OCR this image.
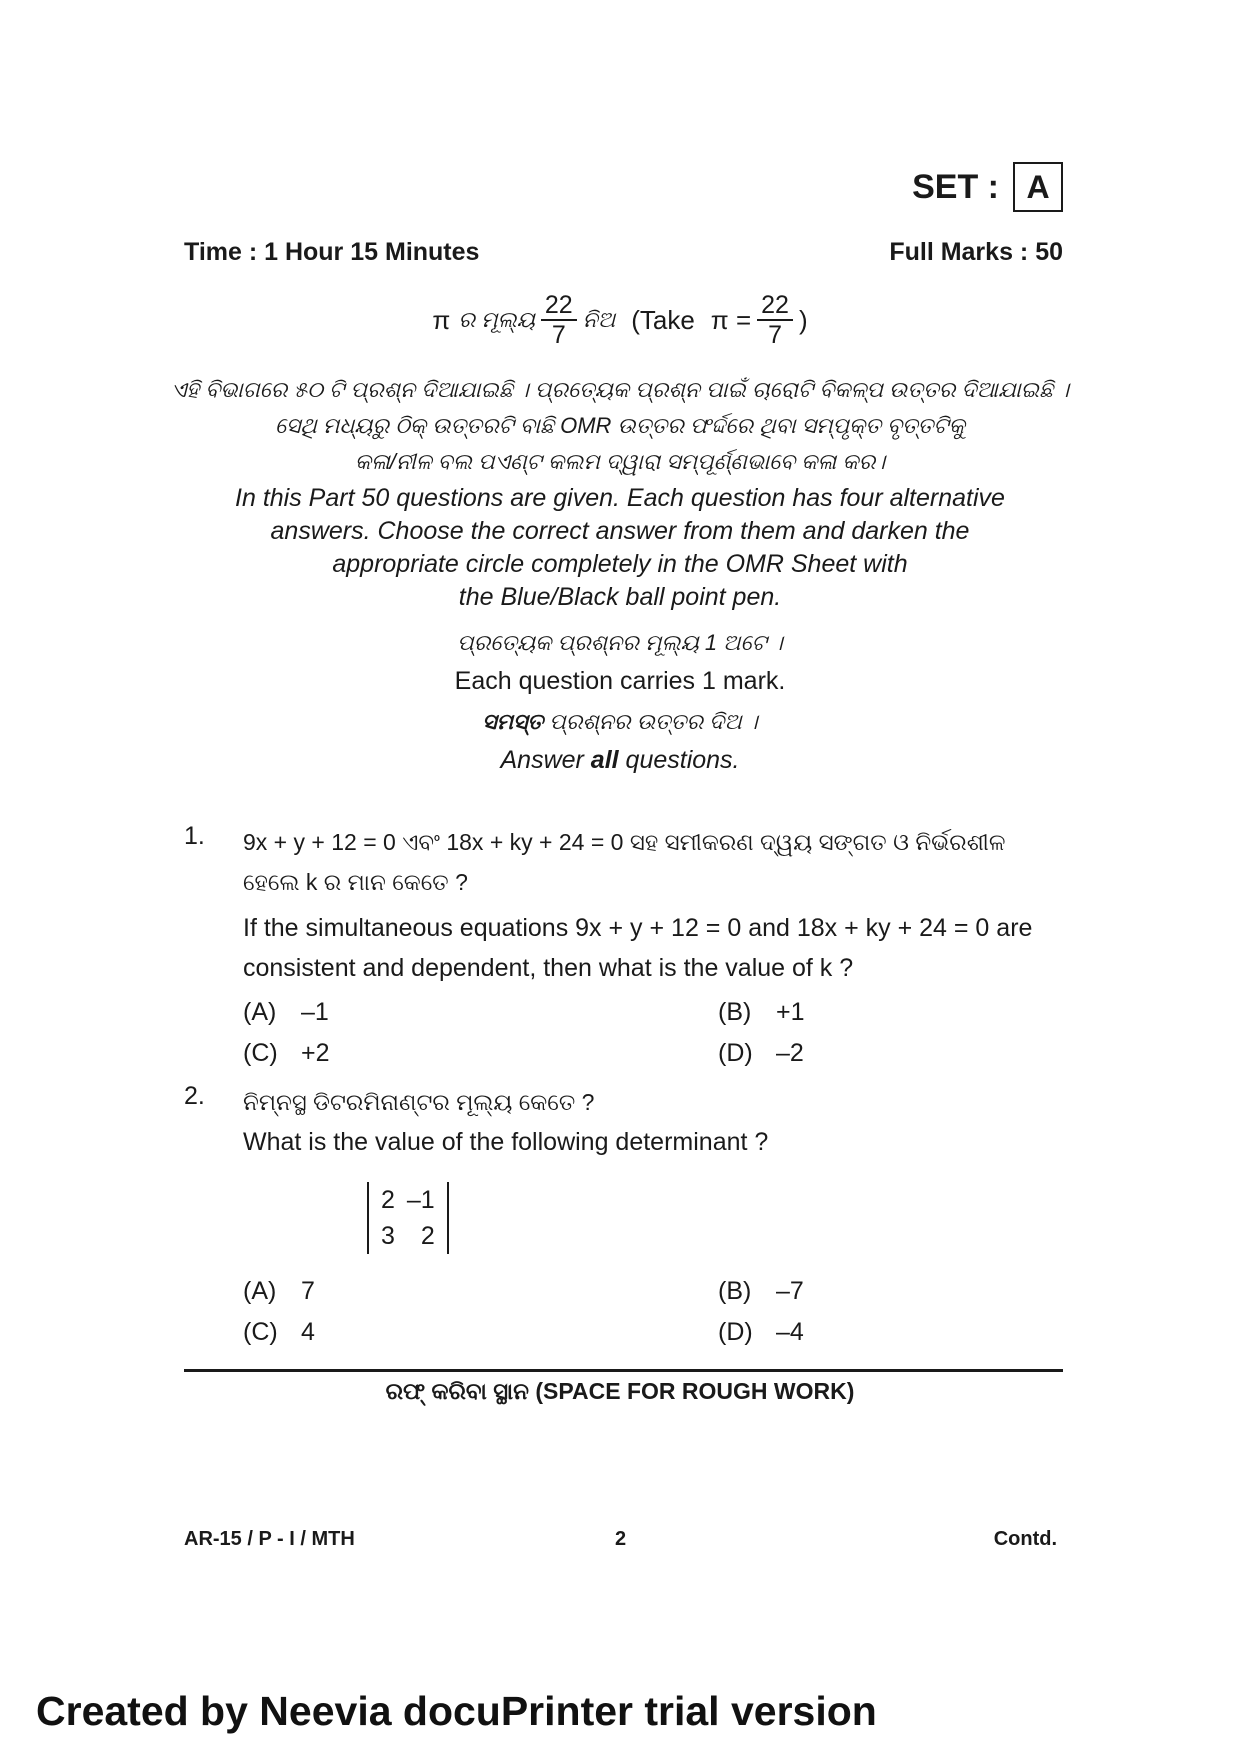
SET : A
Time : 1 Hour 15 Minutes	Full Marks : 50
π ର ମୂଲ୍ୟ $\frac{22}{7}$ ନିଅ (Take $\pi = \frac{22}{7}$ )
ଏହି ବିଭାଗରେ ୫୦ ଟି ପ୍ରଶ୍ନ ଦିଆଯାଇଛି । ପ୍ରତ୍ୟେକ ପ୍ରଶ୍ନ ପାଇଁ ଚାରୋଟି ବିକଳ୍ପ ଉତ୍ତର ଦିଆଯାଇଛି ।
ସେଥି ମଧ୍ୟରୁ ଠିକ୍ ଉତ୍ତରଟି ବାଛି OMR ଉତ୍ତର ଫର୍ଦ୍ଦରେ ଥିବା ସମ୍ପୃକ୍ତ ବୃତ୍ତଟିକୁ
କଳା/ନୀଳ ବଲ ପଏଣ୍ଟ କଲମ ଦ୍ୱାରା ସମ୍ପୂର୍ଣ୍ଣଭାବେ କଳା କର।
In this Part 50 questions are given. Each question has four alternative
answers. Choose the correct answer from them and darken the
appropriate circle completely in the OMR Sheet with
the Blue/Black ball point pen.
ପ୍ରତ୍ୟେକ ପ୍ରଶ୍ନର ମୂଲ୍ୟ 1 ଅଟେ ।
Each question carries 1 mark.
ସମସ୍ତ ପ୍ରଶ୍ନର ଉତ୍ତର ଦିଅ ।
Answer all questions.
1. 9x + y + 12 = 0 ଏବଂ 18x + ky + 24 = 0 ସହ ସମୀକରଣ ଦ୍ୱୟ ସଙ୍ଗତ ଓ ନିର୍ଭରଶୀଳ
ହେଲେ k ର ମାନ କେତେ ?
If the simultaneous equations 9x + y + 12 = 0 and 18x + ky + 24 = 0 are
consistent and dependent, then what is the value of k ?
(A) –1	(B) +1
(C) +2	(D) –2
2. ନିମ୍ନସ୍ଥ ଡିଟରମିନାଣ୍ଟର ମୂଲ୍ୟ କେତେ ?
What is the value of the following determinant ?
2	–1
3	2
(A) 7	(B) –7
(C) 4	(D) –4
ରଫ୍ କରିବା ସ୍ଥାନ (SPACE FOR ROUGH WORK)
AR-15 / P - I / MTH	2	Contd.
Created by Neevia docuPrinter trial version
